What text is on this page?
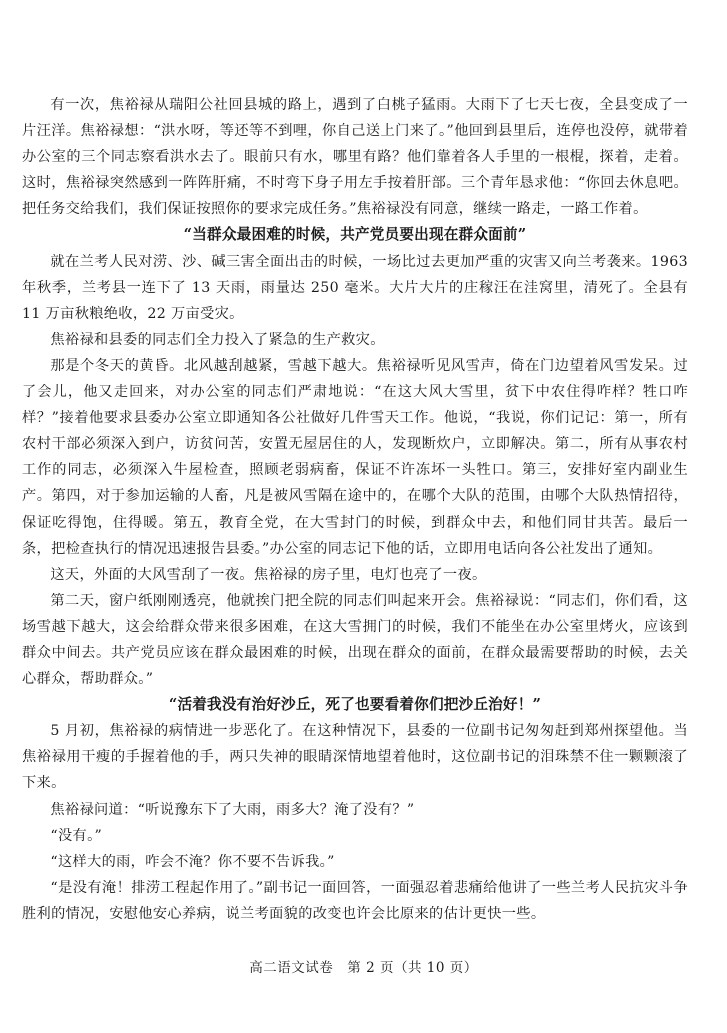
有一次，焦裕禄从瑞阳公社回县城的路上，遇到了白桃子猛雨。大雨下了七天七夜，全县变成了一片汪洋。焦裕禄想：“洪水呀，等还等不到哩，你自己送上门来了。”他回到县里后，连停也没停，就带着办公室的三个同志察看洪水去了。眼前只有水，哪里有路？他们靠着各人手里的一根棍，探着，走着。这时，焦裕禄突然感到一阵阵肝痛，不时弯下身子用左手按着肝部。三个青年恳求他：“你回去休息吧。把任务交给我们，我们保证按照你的要求完成任务。”焦裕禄没有同意，继续一路走，一路工作着。

“当群众最困难的时候，共产党员要出现在群众面前”

就在兰考人民对涝、沙、碱三害全面出击的时候，一场比过去更加严重的灾害又向兰考袭来。1963 年秋季，兰考县一连下了 13 天雨，雨量达 250 毫米。大片大片的庄稼汪在洼窝里，清死了。全县有 11 万亩秋粮绝收，22 万亩受灾。

焦裕禄和县委的同志们全力投入了紧急的生产救灾。

那是个冬天的黄昏。北风越刮越紧，雪越下越大。焦裕禄听见风雪声，倚在门边望着风雪发呆。过了会儿，他又走回来，对办公室的同志们严肃地说：“在这大风大雪里，贫下中农住得咋样？牲口咋样？”接着他要求县委办公室立即通知各公社做好几件雪天工作。他说，“我说，你们记记：第一，所有农村干部必须深入到户，访贫问苦，安置无屋居住的人，发现断炊户，立即解决。第二，所有从事农村工作的同志，必须深入牛屋检查，照顾老弱病畜，保证不许冻坏一头牲口。第三，安排好室内副业生产。第四，对于参加运输的人畜，凡是被风雪隔在途中的，在哪个大队的范围，由哪个大队热情招待，保证吃得饱，住得暖。第五，教育全党，在大雪封门的时候，到群众中去，和他们同甘共苦。最后一条，把检查执行的情况迅速报告县委。”办公室的同志记下他的话，立即用电话向各公社发出了通知。

这天，外面的大风雪刮了一夜。焦裕禄的房子里，电灯也亮了一夜。

第二天，窗户纸刚刚透亮，他就挨门把全院的同志们叫起来开会。焦裕禄说：“同志们，你们看，这场雪越下越大，这会给群众带来很多困难，在这大雪拥门的时候，我们不能坐在办公室里烤火，应该到群众中间去。共产党员应该在群众最困难的时候，出现在群众的面前，在群众最需要帮助的时候，去关心群众，帮助群众。”

“活着我没有治好沙丘，死了也要看着你们把沙丘治好！”

5 月初，焦裕禄的病情进一步恶化了。在这种情况下，县委的一位副书记匆匆赶到郑州探望他。当焦裕禄用干瘦的手握着他的手，两只失神的眼睛深情地望着他时，这位副书记的泪珠禁不住一颗颗滚了下来。

焦裕禄问道：“听说豫东下了大雨，雨多大？淹了没有？”

“没有。”

“这样大的雨，咋会不淹？你不要不告诉我。”

“是没有淹！排涝工程起作用了。”副书记一面回答，一面强忍着悲痛给他讲了一些兰考人民抗灾斗争胜利的情况，安慰他安心养病，说兰考面貌的改变也许会比原来的估计更快一些。

高二语文试卷　第 2 页（共 10 页）
